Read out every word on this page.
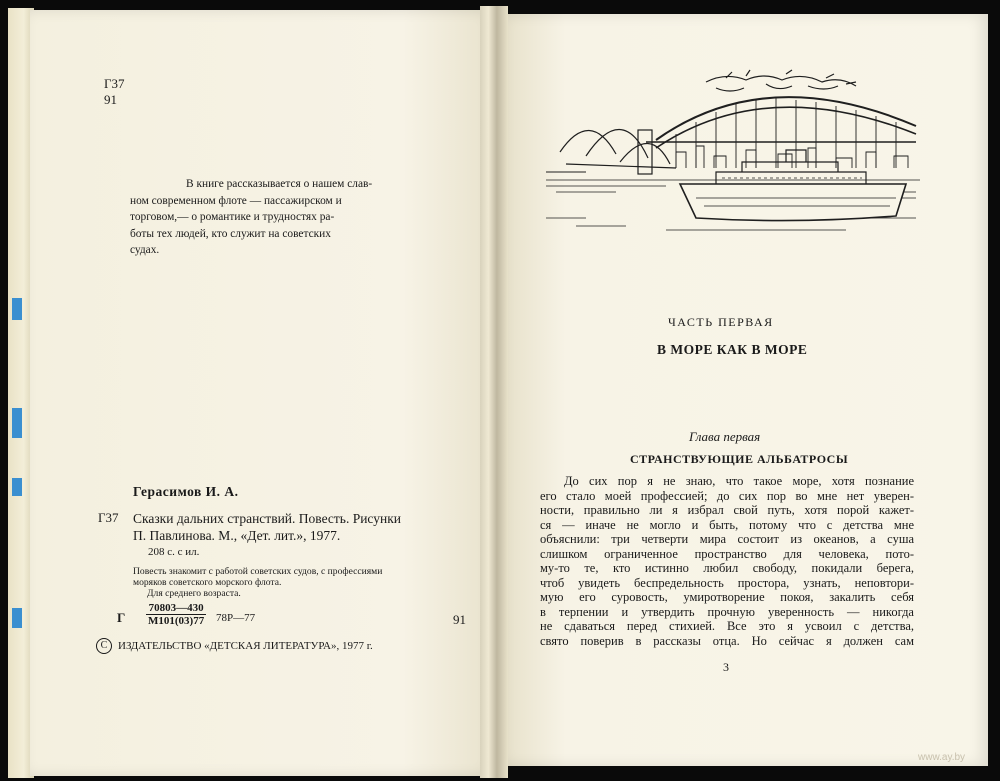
Г37
91
В книге рассказывается о нашем слав-
ном современном флоте — пассажирском и
торговом,— о романтике и трудностях ра-
боты тех людей, кто служит на советских
судах.
Герасимов И. А.
Г37 Сказки дальних странствий. Повесть. Рисунки
П. Павлинова. М., «Дет. лит.», 1977.
208 с. с ил.
Повесть знакомит с работой советских судов, с профессиями
моряков советского морского флота.
Для среднего возраста.
Г
70803—430
М101(03)77 78Р—77	91
C ИЗДАТЕЛЬСТВО «ДЕТСКАЯ ЛИТЕРАТУРА», 1977 г.
ЧАСТЬ ПЕРВАЯ
В МОРЕ КАК В МОРЕ
Глава первая
СТРАНСТВУЮЩИЕ АЛЬБАТРОСЫ
До сих пор я не знаю, что такое море, хотя познание
его стало моей профессией; до сих пор во мне нет уверен-
ности, правильно ли я избрал свой путь, хотя порой кажет-
ся — иначе не могло и быть, потому что с детства мне
объяснили: три четверти мира состоит из океанов, а суша
слишком ограниченное пространство для человека, пото-
му-то те, кто истинно любил свободу, покидали берега,
чтоб увидеть беспредельность простора, узнать, неповтори-
мую его суровость, умиротворение покоя, закалить себя
в терпении и утвердить прочную уверенность — никогда
не сдаваться перед стихией. Все это я усвоил с детства,
свято поверив в рассказы отца. Но сейчас я должен сам
3
www.ay.by
